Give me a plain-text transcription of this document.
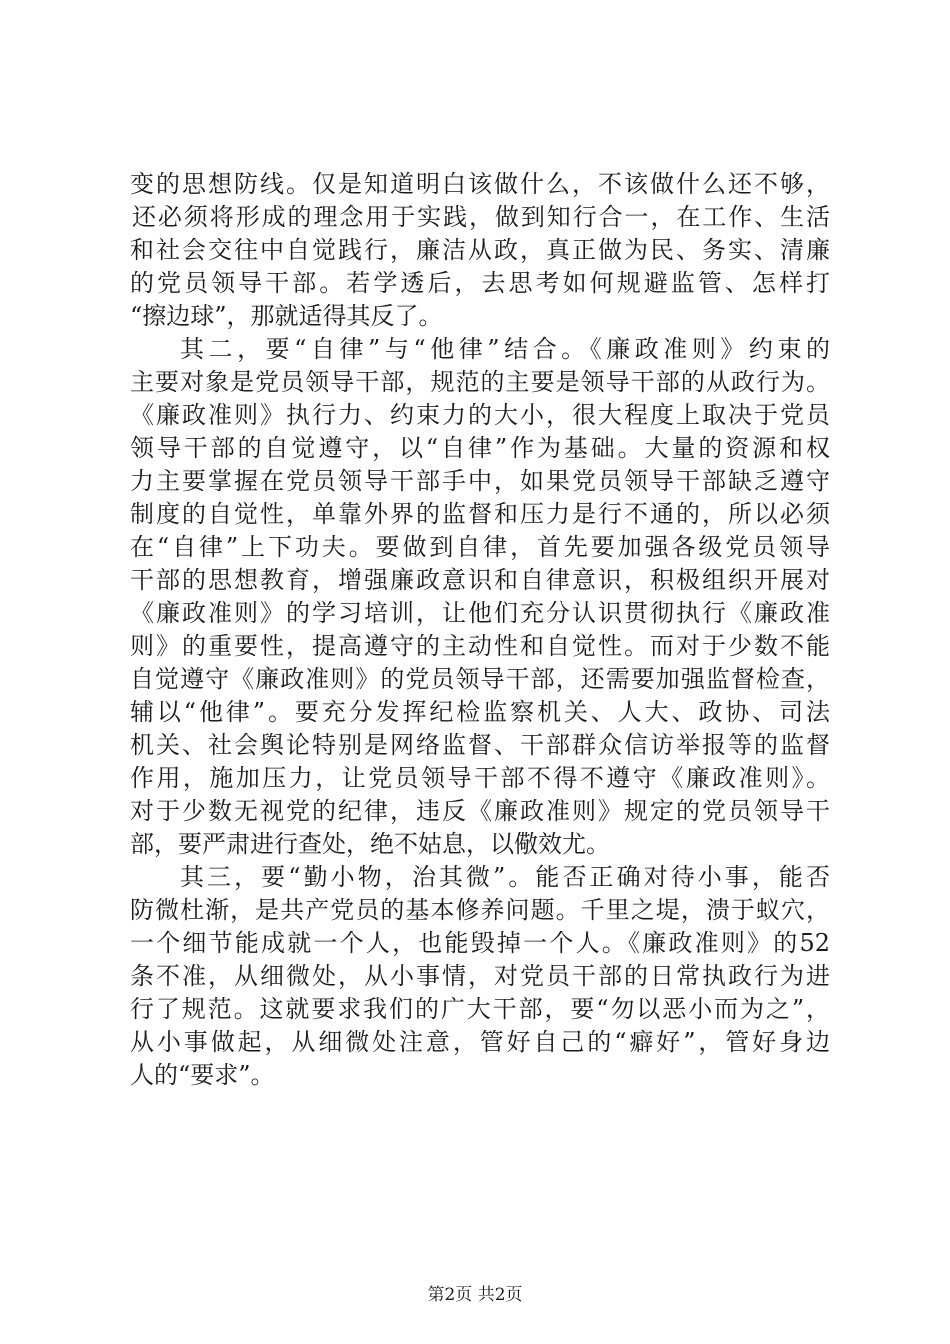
变的思想防线。仅是知道明白该做什么，不该做什么还不够，
还必须将形成的理念用于实践，做到知行合一，在工作、生活
和社会交往中自觉践行，廉洁从政，真正做为民、务实、清廉
的党员领导干部。若学透后，去思考如何规避监管、怎样打
“擦边球”，那就适得其反了。
其二，要“自律”与“他律”结合。《廉政准则》约束的
主要对象是党员领导干部，规范的主要是领导干部的从政行为。
《廉政准则》执行力、约束力的大小，很大程度上取决于党员
领导干部的自觉遵守，以“自律”作为基础。大量的资源和权
力主要掌握在党员领导干部手中，如果党员领导干部缺乏遵守
制度的自觉性，单靠外界的监督和压力是行不通的，所以必须
在“自律”上下功夫。要做到自律，首先要加强各级党员领导
干部的思想教育，增强廉政意识和自律意识，积极组织开展对
《廉政准则》的学习培训，让他们充分认识贯彻执行《廉政准
则》的重要性，提高遵守的主动性和自觉性。而对于少数不能
自觉遵守《廉政准则》的党员领导干部，还需要加强监督检查，
辅以“他律”。要充分发挥纪检监察机关、人大、政协、司法
机关、社会舆论特别是网络监督、干部群众信访举报等的监督
作用，施加压力，让党员领导干部不得不遵守《廉政准则》。
对于少数无视党的纪律，违反《廉政准则》规定的党员领导干
部，要严肃进行查处，绝不姑息，以儆效尤。
其三，要“勤小物，治其微”。能否正确对待小事，能否
防微杜渐，是共产党员的基本修养问题。千里之堤，溃于蚁穴，
一个细节能成就一个人，也能毁掉一个人。《廉政准则》的52
条不准，从细微处，从小事情，对党员干部的日常执政行为进
行了规范。这就要求我们的广大干部，要“勿以恶小而为之”，
从小事做起，从细微处注意，管好自己的“癖好”，管好身边
人的“要求”。
第2页 共2页
